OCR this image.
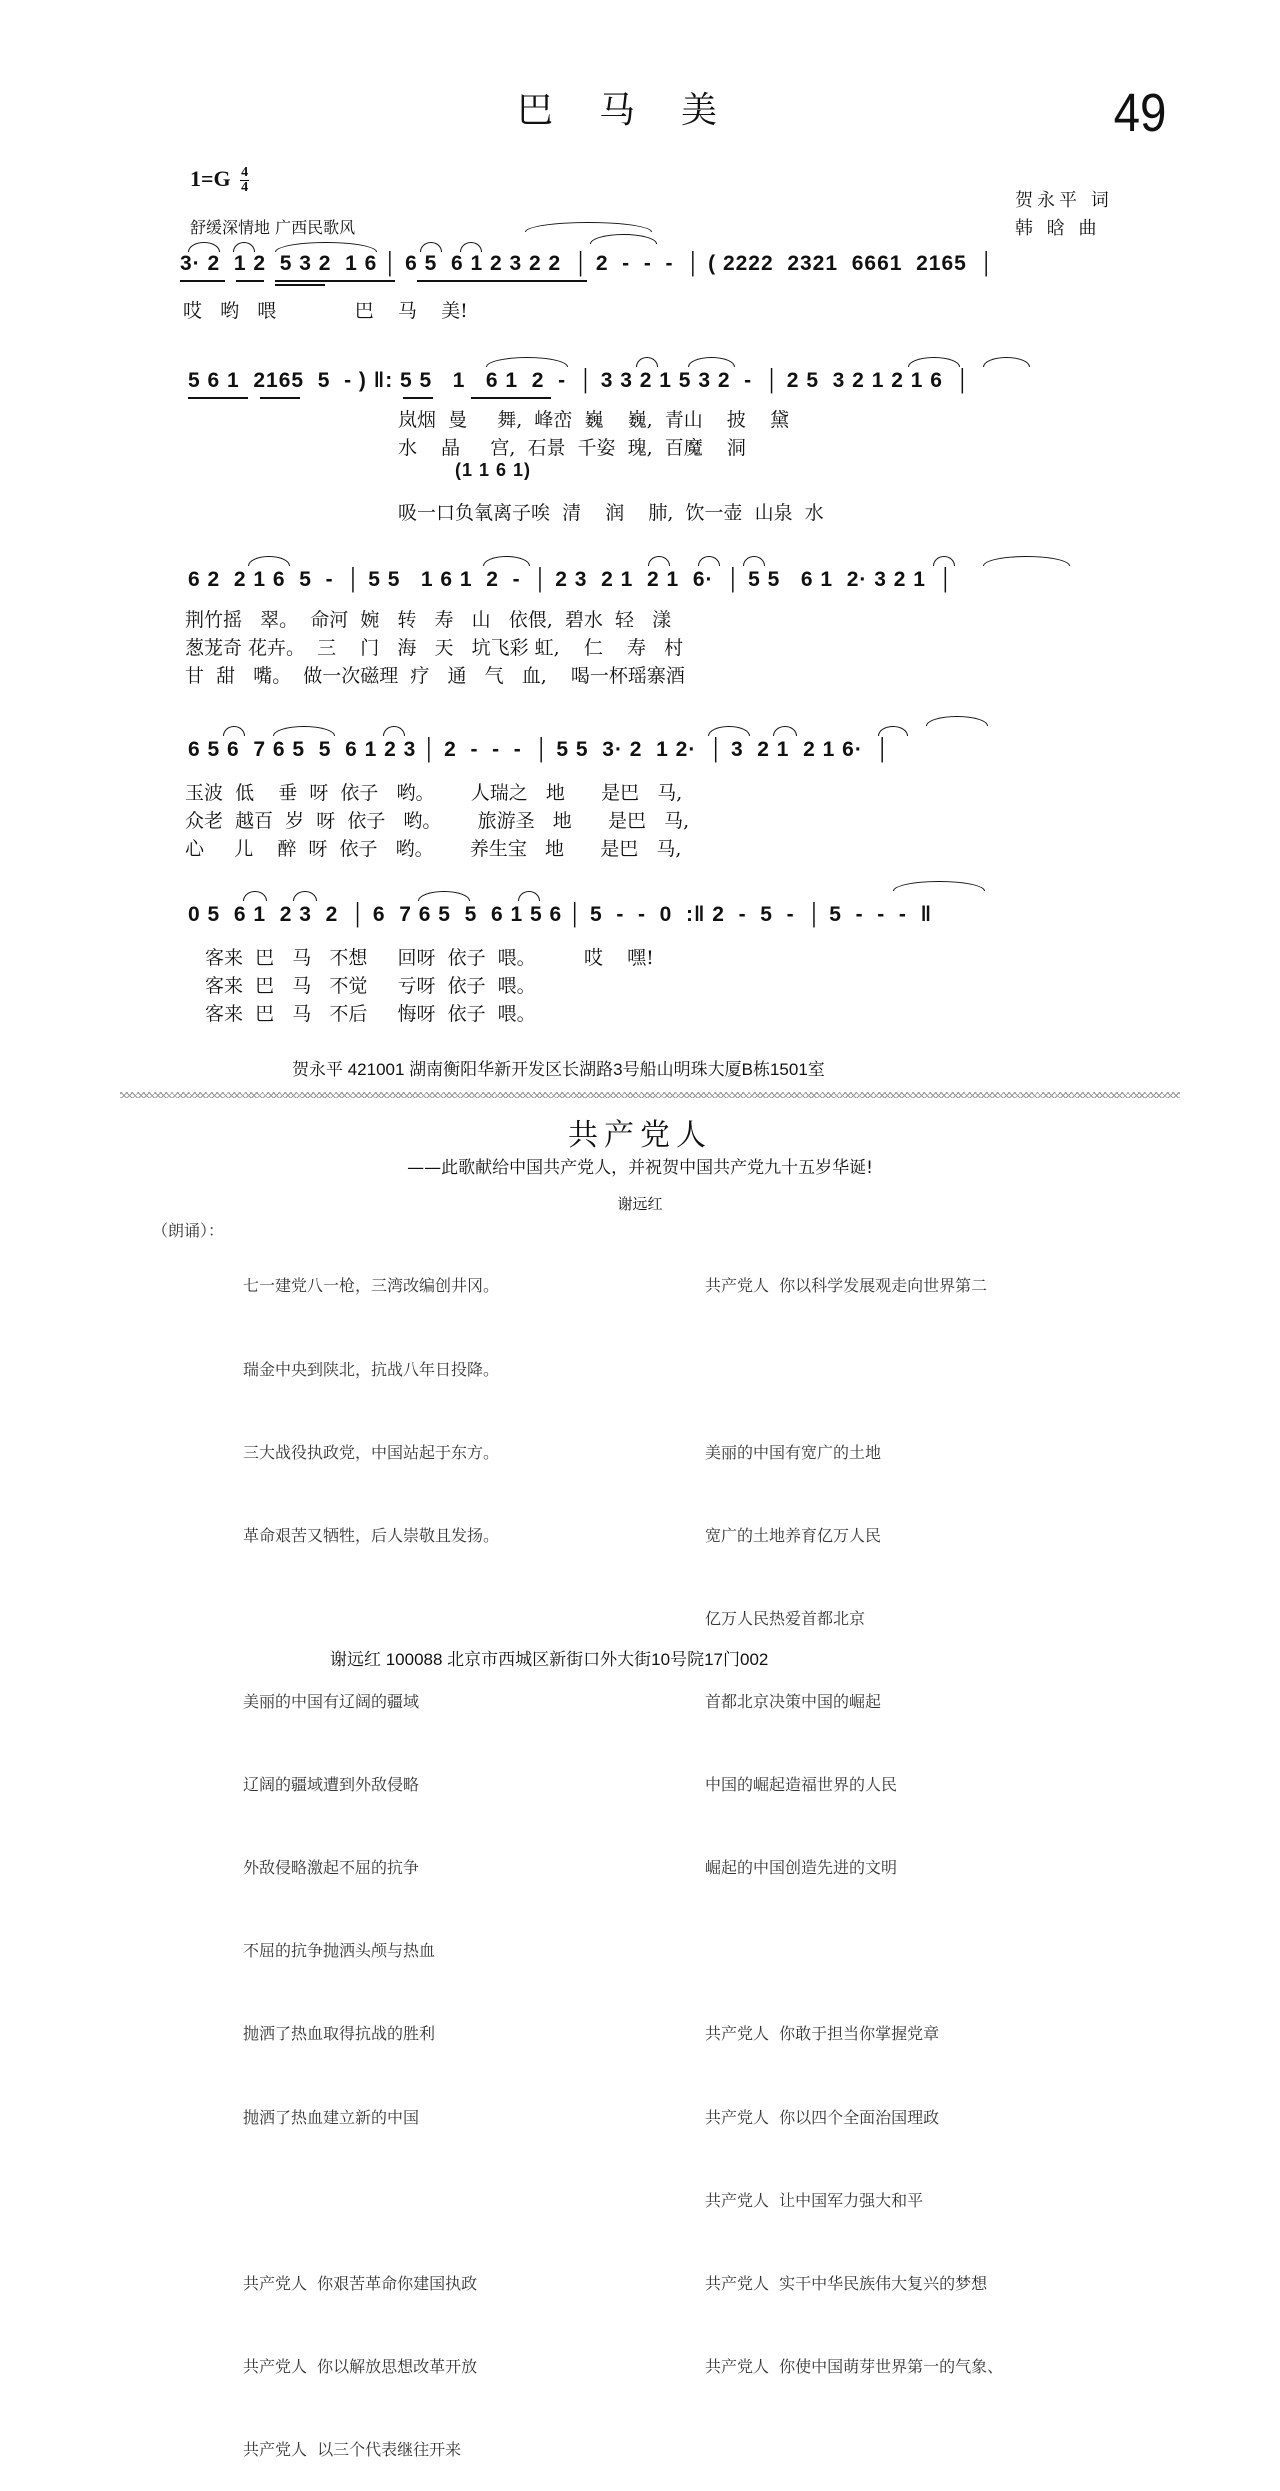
巴马美	49
$1=G \frac{4}{4}$
舒缓深情地 广西民歌风
贺永平 词
韩 晗 曲
3· 2  1 2  5 3 2  1 6 │ 6 5  6 1 2 3 2 2  │ 2  -  -  -  │ ( 2222  2321  6661  2165  │
哎   哟   喂             巴    马    美!
5 6 1  2165  5  - ) ‖: 5 5   1   6 1  2  -  │ 3 3 2 1 5 3 2  -  │ 2 5  3 2 1 2 1 6  │
(1 1 6 1)
岚烟  曼     舞,  峰峦  巍    巍,  青山    披    黛
水    晶     宫,  石景  千姿  瑰,  百魔    洞
吸一口负氧离子唉  清    润    肺,  饮一壶  山泉  水
6 2  2 1 6  5  -  │ 5 5   1 6 1  2  -  │ 2 3  2 1  2 1  6·  │ 5 5   6 1  2· 3 2 1  │
荆竹摇   翠。  命河  婉   转   寿   山   依偎,  碧水  轻   漾
葱茏奇 花卉。  三    门   海   天   坑飞彩 虹,    仁    寿   村
甘  甜   嘴。  做一次磁理  疗   通   气   血,    喝一杯瑶寨酒
6 5 6  7 6 5  5  6 1 2 3 │ 2  -  -  -  │ 5 5  3· 2  1 2·  │ 3  2 1  2 1 6·  │
玉波  低    垂  呀  依子   哟。      人瑞之   地      是巴   马,
众老  越百  岁  呀  依子   哟。      旅游圣   地      是巴   马,
心     儿    醉  呀  依子   哟。      养生宝   地      是巴   马,
0 5  6 1  2 3  2  │ 6  7 6 5  5  6 1 5 6 │ 5  -  -  0  :‖ 2  -  5  -  │ 5  -  -  -  ‖
客来  巴   马   不想     回呀  依子  喂。        哎    嘿!
客来  巴   马   不觉     亏呀  依子  喂。
客来  巴   马   不后     悔呀  依子  喂。
贺永平 421001 湖南衡阳华新开发区长湖路3号船山明珠大厦B栋1501室
共产党人
——此歌献给中国共产党人，并祝贺中国共产党九十五岁华诞!
谢远红
（朗诵）：

七一建党八一枪，三湾改编创井冈。

瑞金中央到陕北，抗战八年日投降。

三大战役执政党，中国站起于东方。

革命艰苦又牺牲，后人崇敬且发扬。

美丽的中国有辽阔的疆域

辽阔的疆域遭到外敌侵略

外敌侵略激起不屈的抗争

不屈的抗争抛洒头颅与热血

抛洒了热血取得抗战的胜利

抛洒了热血建立新的中国

共产党人  你艰苦革命你建国执政

共产党人  你以解放思想改革开放

共产党人  以三个代表继往开来

共产党人  你以科学发展观走向世界第二

美丽的中国有宽广的土地

宽广的土地养育亿万人民

亿万人民热爱首都北京

首都北京决策中国的崛起

中国的崛起造福世界的人民

崛起的中国创造先进的文明

共产党人  你敢于担当你掌握党章

共产党人  你以四个全面治国理政

共产党人  让中国军力强大和平

共产党人  实干中华民族伟大复兴的梦想

共产党人  你使中国萌芽世界第一的气象、

谢远红 100088 北京市西城区新街口外大街10号院17门002
